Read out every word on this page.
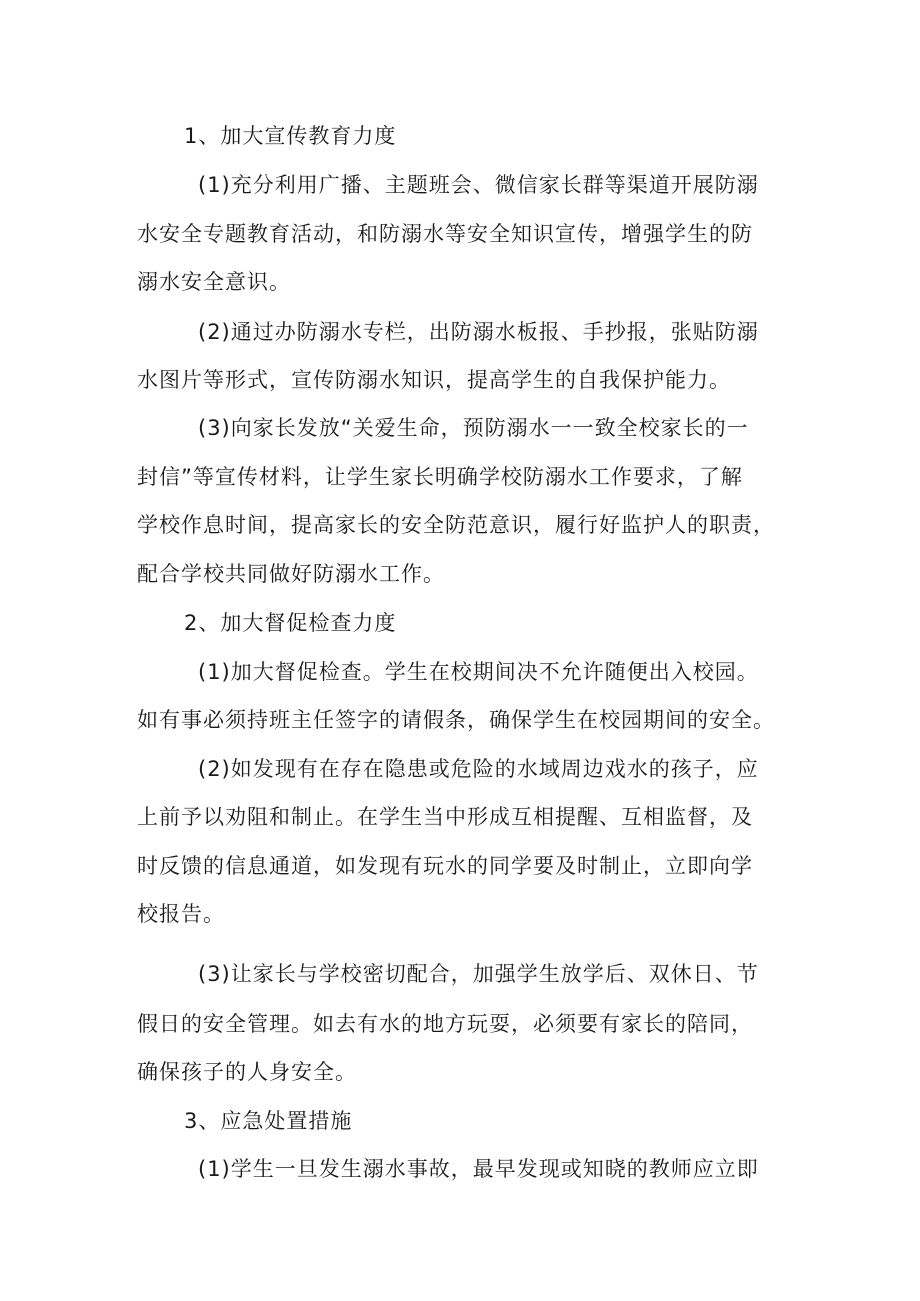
1、加大宣传教育力度
(1)充分利用广播、主题班会、微信家长群等渠道开展防溺
水安全专题教育活动，和防溺水等安全知识宣传，增强学生的防
溺水安全意识。
(2)通过办防溺水专栏，出防溺水板报、手抄报，张贴防溺
水图片等形式，宣传防溺水知识，提高学生的自我保护能力。
(3)向家长发放“关爱生命，预防溺水一一致全校家长的一
封信”等宣传材料，让学生家长明确学校防溺水工作要求，了解
学校作息时间，提高家长的安全防范意识，履行好监护人的职责，
配合学校共同做好防溺水工作。
2、加大督促检查力度
(1)加大督促检查。学生在校期间决不允许随便出入校园。
如有事必须持班主任签字的请假条，确保学生在校园期间的安全。
(2)如发现有在存在隐患或危险的水域周边戏水的孩子，应
上前予以劝阻和制止。在学生当中形成互相提醒、互相监督，及
时反馈的信息通道，如发现有玩水的同学要及时制止，立即向学
校报告。
(3)让家长与学校密切配合，加强学生放学后、双休日、节
假日的安全管理。如去有水的地方玩耍，必须要有家长的陪同，
确保孩子的人身安全。
3、应急处置措施
(1)学生一旦发生溺水事故，最早发现或知晓的教师应立即
